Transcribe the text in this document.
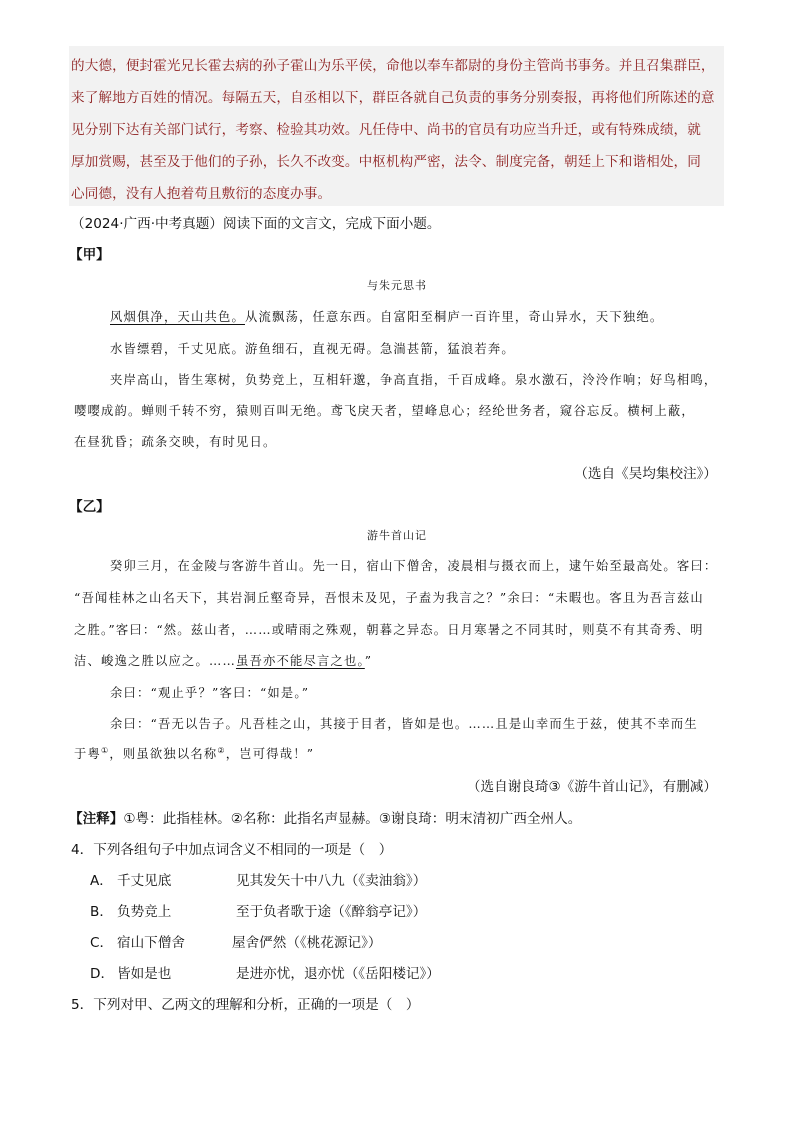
的大德，便封霍光兄长霍去病的孙子霍山为乐平侯，命他以奉车都尉的身份主管尚书事务。并且召集群臣，

来了解地方百姓的情况。每隔五天，自丞相以下，群臣各就自己负责的事务分别奏报，再将他们所陈述的意

见分别下达有关部门试行，考察、检验其功效。凡任侍中、尚书的官员有功应当升迁，或有特殊成绩，就

厚加赏赐，甚至及于他们的子孙，长久不改变。中枢机构严密，法令、制度完备，朝廷上下和谐相处，同

心同德，没有人抱着苟且敷衍的态度办事。

（2024·广西·中考真题）阅读下面的文言文，完成下面小题。
【甲】
与朱元思书
风烟俱净，天山共色。从流飘荡，任意东西。自富阳至桐庐一百许里，奇山异水，天下独绝。
水皆缥碧，千丈见底。游鱼细石，直视无碍。急湍甚箭，猛浪若奔。
夹岸高山，皆生寒树，负势竞上，互相轩邈，争高直指，千百成峰。泉水激石，泠泠作响；好鸟相鸣，
嘤嘤成韵。蝉则千转不穷，猿则百叫无绝。鸢飞戾天者，望峰息心；经纶世务者，窥谷忘反。横柯上蔽，
在昼犹昏；疏条交映，有时见日。
（选自《吴均集校注》）
【乙】
游牛首山记
癸卯三月，在金陵与客游牛首山。先一日，宿山下僧舍，凌晨相与摄衣而上，逮午始至最高处。客曰：
“吾闻桂林之山名天下，其岩洞丘壑奇异，吾恨未及见，子盍为我言之？”余曰：“未暇也。客且为吾言兹山
之胜。”客曰：“然。兹山者，……或晴雨之殊观，朝暮之异态。日月寒暑之不同其时，则莫不有其奇秀、明
洁、峻逸之胜以应之。……虽吾亦不能尽言之也。”
余曰：“观止乎？”客曰：“如是。”
余曰：“吾无以告子。凡吾桂之山，其接于目者，皆如是也。……且是山幸而生于兹，使其不幸而生
于粤①，则虽欲独以名称②，岂可得哉！”
（选自谢良琦③《游牛首山记》，有删减）
【注释】①粤：此指桂林。②名称：此指名声显赫。③谢良琦：明末清初广西全州人。
4．下列各组句子中加点词含义不相同的一项是（　）
A． 千丈见底	见其发矢十中八九（《卖油翁》）
B． 负势竞上	至于负者歌于途（《醉翁亭记》）
C． 宿山下僧舍	屋舍俨然（《桃花源记》）
D． 皆如是也	是进亦忧，退亦忧（《岳阳楼记》）
5．下列对甲、乙两文的理解和分析，正确的一项是（　）
